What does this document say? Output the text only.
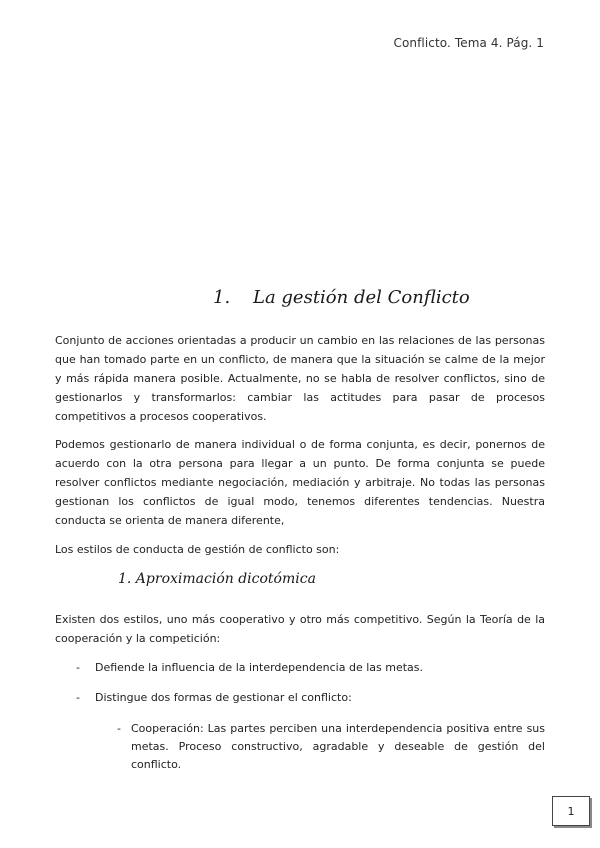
Conflicto. Tema 4. Pág. 1
1. La gestión del Conflicto
Conjunto de acciones orientadas a producir un cambio en las relaciones de las personas que han tomado parte en un conflicto, de manera que la situación se calme de la mejor y más rápida manera posible. Actualmente, no se habla de resolver conflictos, sino de gestionarlos y transformarlos: cambiar las actitudes para pasar de procesos competitivos a procesos cooperativos.
Podemos gestionarlo de manera individual o de forma conjunta, es decir, ponernos de acuerdo con la otra persona para llegar a un punto. De forma conjunta se puede resolver conflictos mediante negociación, mediación y arbitraje. No todas las personas gestionan los conflictos de igual modo, tenemos diferentes tendencias. Nuestra conducta se orienta de manera diferente,
Los estilos de conducta de gestión de conflicto son:
1. Aproximación dicotómica
Existen dos estilos, uno más cooperativo y otro más competitivo. Según la Teoría de la cooperación y la competición:
- Defiende la influencia de la interdependencia de las metas.
- Distingue dos formas de gestionar el conflicto:
- Cooperación: Las partes perciben una interdependencia positiva entre sus metas. Proceso constructivo, agradable y deseable de gestión del conflicto.
1
